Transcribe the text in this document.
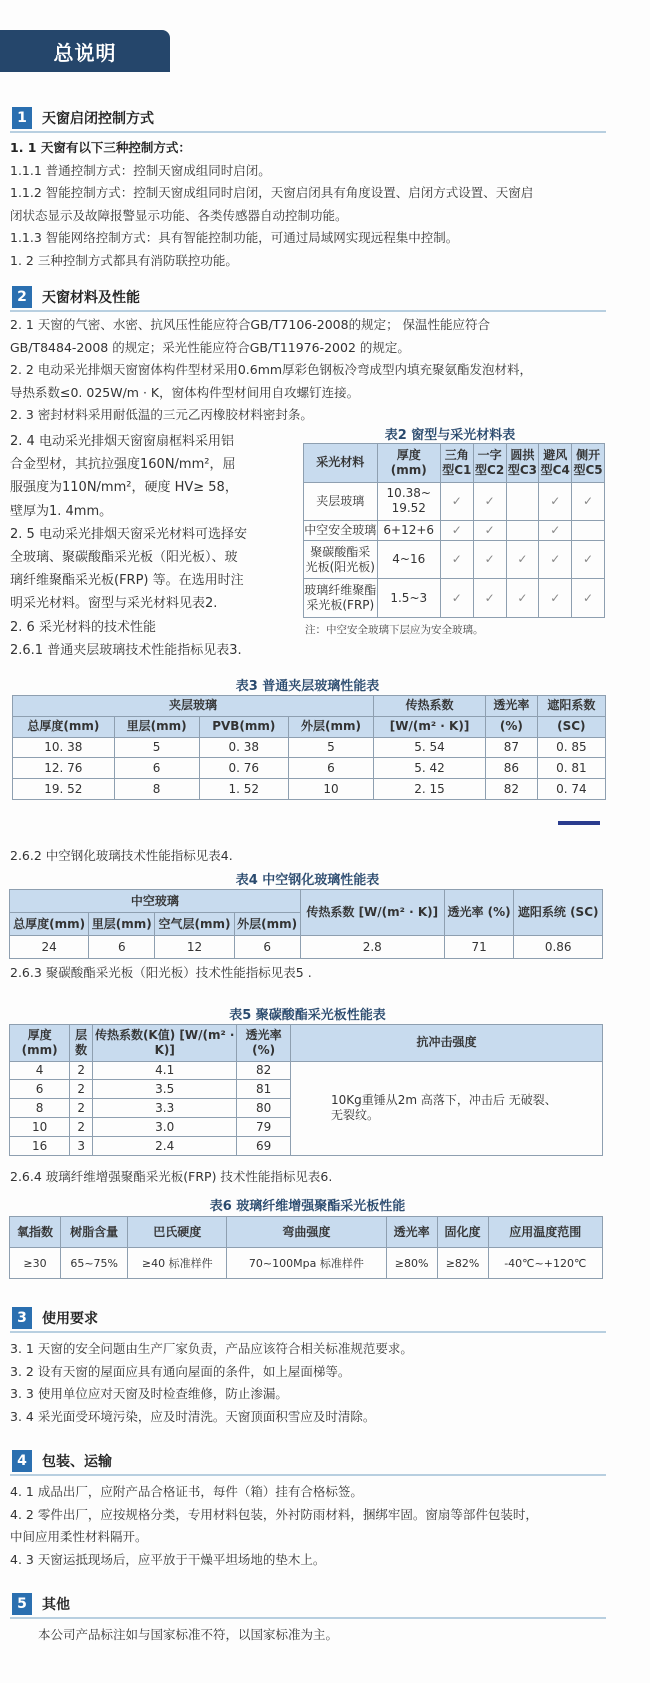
总说明
1	天窗启闭控制方式
1. 1 天窗有以下三种控制方式：
1.1.1 普通控制方式：控制天窗成组同时启闭。
1.1.2 智能控制方式：控制天窗成组同时启闭，天窗启闭具有角度设置、启闭方式设置、天窗启
闭状态显示及故障报警显示功能、各类传感器自动控制功能。
1.1.3 智能网络控制方式：具有智能控制功能，可通过局域网实现远程集中控制。
1. 2 三种控制方式都具有消防联控功能。
2	天窗材料及性能
2. 1 天窗的气密、水密、抗风压性能应符合GB/T7106-2008的规定； 保温性能应符合
GB/T8484-2008 的规定；采光性能应符合GB/T11976-2002 的规定。
2. 2 电动采光排烟天窗窗体构件型材采用0.6mm厚彩色钢板冷弯成型内填充聚氨酯发泡材料，
导热系数≤0. 025W/m · K，窗体构件型材间用自攻螺钉连接。
2. 3 密封材料采用耐低温的三元乙丙橡胶材料密封条。
2. 4 电动采光排烟天窗窗扇框料采用铝
合金型材，其抗拉强度160N/mm²，屈
服强度为110N/mm²，硬度 HV≥ 58，
壁厚为1. 4mm。
2. 5 电动采光排烟天窗采光材料可选择安
全玻璃、聚碳酸酯采光板（阳光板）、玻
璃纤维聚酯采光板(FRP) 等。在选用时注
明采光材料。窗型与采光材料见表2.
2. 6 采光材料的技术性能
2.6.1 普通夹层玻璃技术性能指标见表3.
表2 窗型与采光材料表
采光材料	厚度 (mm)	三角 型C1	一字 型C2	圆拱 型C3	避风 型C4	侧开 型C5
夹层玻璃	10.38~ 19.52	✓	✓		✓	✓
中空安全玻璃	6+12+6	✓	✓		✓	
聚碳酸酯采 光板(阳光板)	4~16	✓	✓	✓	✓	✓
玻璃纤维聚酯 采光板(FRP)	1.5~3	✓	✓	✓	✓	✓
注：中空安全玻璃下层应为安全玻璃。
表3 普通夹层玻璃性能表
夹层玻璃				传热系数	透光率	遮阳系数
总厚度(mm)	里层(mm)	PVB(mm)	外层(mm)	[W/(m² · K)]	(%)	(SC)
10. 38	5	0. 38	5	5. 54	87	0. 85
12. 76	6	0. 76	6	5. 42	86	0. 81
19. 52	8	1. 52	10	2. 15	82	0. 74
2.6.2 中空钢化玻璃技术性能指标见表4.
表4 中空钢化玻璃性能表
中空玻璃				传热系数 [W/(m² · K)]	透光率 (%)	遮阳系统 (SC)
总厚度(mm)	里层(mm)	空气层(mm)	外层(mm)			
24	6	12	6	2.8	71	0.86
2.6.3 聚碳酸酯采光板（阳光板）技术性能指标见表5 .
表5 聚碳酸酯采光板性能表
厚度 (mm)	层数	传热系数(K值) [W/(m² · K)]	透光率(%)	抗冲击强度
4	2	4.1	82	10Kg重锤从2m 高落下，冲击后 无破裂、无裂纹。
6	2	3.5	81	
8	2	3.3	80	
10	2	3.0	79	
16	3	2.4	69	
2.6.4 玻璃纤维增强聚酯采光板(FRP) 技术性能指标见表6.
表6 玻璃纤维增强聚酯采光板性能
氧指数	树脂含量	巴氏硬度	弯曲强度	透光率	固化度	应用温度范围
≥30	65~75%	≥40 标准样件	70~100Mpa 标准样件	≥80%	≥82%	-40℃~+120℃
3	使用要求
3. 1 天窗的安全问题由生产厂家负责，产品应该符合相关标准规范要求。
3. 2 设有天窗的屋面应具有通向屋面的条件，如上屋面梯等。
3. 3 使用单位应对天窗及时检查维修，防止渗漏。
3. 4 采光面受环境污染，应及时清洗。天窗顶面积雪应及时清除。
4	包装、运输
4. 1 成品出厂，应附产品合格证书，每件（箱）挂有合格标签。
4. 2 零件出厂，应按规格分类，专用材料包装，外衬防雨材料，捆绑牢固。窗扇等部件包装时，
中间应用柔性材料隔开。
4. 3 天窗运抵现场后，应平放于干燥平坦场地的垫木上。
5	其他
本公司产品标注如与国家标准不符，以国家标准为主。
